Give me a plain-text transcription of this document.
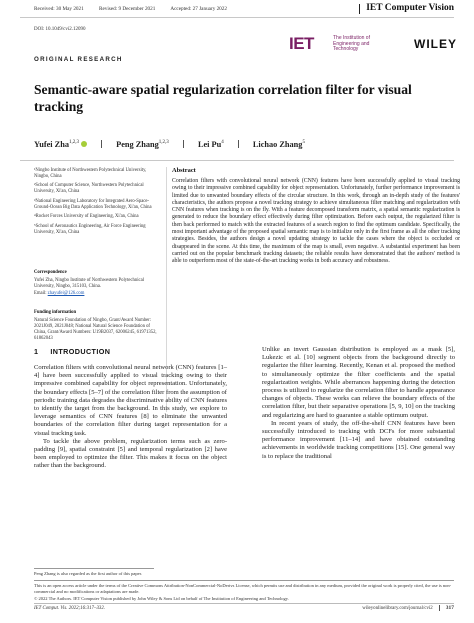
Received: 30 May 2021	Revised: 9 December 2021	Accepted: 27 January 2022	IET Computer Vision
DOI: 10.1049/cvi2.12090
IET	The Institution of Engineering and Technology	WILEY
ORIGINAL RESEARCH
Semantic-aware spatial regularization correlation filter for visual tracking
Yufei Zha$^{1,2,3}$	Peng Zhang$^{1,2,3}$	Lei Pu$^4$	Lichao Zhang$^5$

¹Ningbo Institute of Northwestern Polytechnical University, Ningbo, China

²School of Computer Science, Northwestern Polytechnical University, Xi'an, China

³National Engineering Laboratory for Integrated Aero-Space-Ground-Ocean Big Data Application Technology, Xi'an, China

⁴Rocket Forces University of Engineering, Xi'an, China

⁵School of Aeronautics Engineering, Air Force Engineering University, Xi'an, China

Correspondence

Yufei Zha, Ningbo Institute of Northwestern Polytechnical University, Ningbo, 315103, China.

Email: zhayufei@126.com

Funding information

Natural Science Foundation of Ningbo, Grant/Award Number: 2021J049, 2021J048; National Natural Science Foundation of China, Grant/Award Numbers: U19B2037, 62006245, 61971352, 61862043

Abstract
Correlation filters with convolutional neural network (CNN) features have been successfully applied to visual tracking owing to their impressive combined capability for object representation. Unfortunately, further performance improvement is limited due to unwanted boundary effects of the circular structure. In this work, through an in-depth study of the features' characteristics, the authors propose a novel tracking strategy to achieve simultaneous filter matching and regularization with CNN features when tracking is on the fly. With a feature decomposed transform matrix, a spatial semantic regularization is generated to reduce the boundary effect effectively during filter optimization. Before each output, the regularized filter is then back performed to match with the extracted features of a search region to find the optimum candidate. Specifically, the most important advantage of the proposed spatial semantic map is to initialize only in the first frame as all the other tracking strategies. Besides, the authors design a novel updating strategy to tackle the cases where the object is occluded or disappeared in the scene. At this time, the maximum of the map is small, even negative. A substantial experiment has been carried out on the popular benchmark tracking datasets; the reliable results have demonstrated that the authors' method is able to outperform most of the state-of-the-art tracking works in both accuracy and robustness.
1 INTRODUCTION

Correlation filters with convolutional neural network (CNN) features [1–4] have been successfully applied to visual tracking owing to their impressive combined capability for object representation. Unfortunately, the boundary effects [5–7] of the correlation filter from the assumption of periodic training data degrades the discriminative ability of CNN features to identify the target from the background. In this study, we explore to leverage semantics of CNN features [8] to eliminate the unwanted boundaries of the correlation filter during target representation for a visual tracking task.

To tackle the above problem, regularization terms such as zero-padding [9], spatial constraint [5] and temporal regularization [2] have been employed to optimize the filter. This makes it focus on the object rather than the background.

Unlike an invert Gaussian distribution is employed as a mask [5], Lukezic et al. [10] segment objects from the background directly to regularize the filter learning. Recently, Kenan et al. proposed the method to simultaneously optimize the filter coefficients and the spatial regularization weights. While aberrances happening during the detection process is utilized to regularize the correlation filter to handle appearance changes of objects. These works can relieve the boundary effects of the correlation filter, but their separative operations [5, 9, 10] on the tracking and regularizing are hard to guarantee a stable optimum output.

In recent years of study, the off-the-shelf CNN features have been successfully introduced to tracking with DCFs for more substantial performance improvement [11–14] and have obtained outstanding achievements in worldwide tracking competitions [15]. One general way is to replace the traditional

Peng Zhang is also regarded as the first author of this paper.
This is an open access article under the terms of the Creative Commons Attribution-NonCommercial-NoDerivs License, which permits use and distribution in any medium, provided the original work is properly cited, the use is non-commercial and no modifications or adaptations are made.
© 2022 The Authors. IET Computer Vision published by John Wiley & Sons Ltd on behalf of The Institution of Engineering and Technology.
IET Comput. Vis. 2022;16:317–332.	wileyonlinelibrary.com/journal/cvi2 317
